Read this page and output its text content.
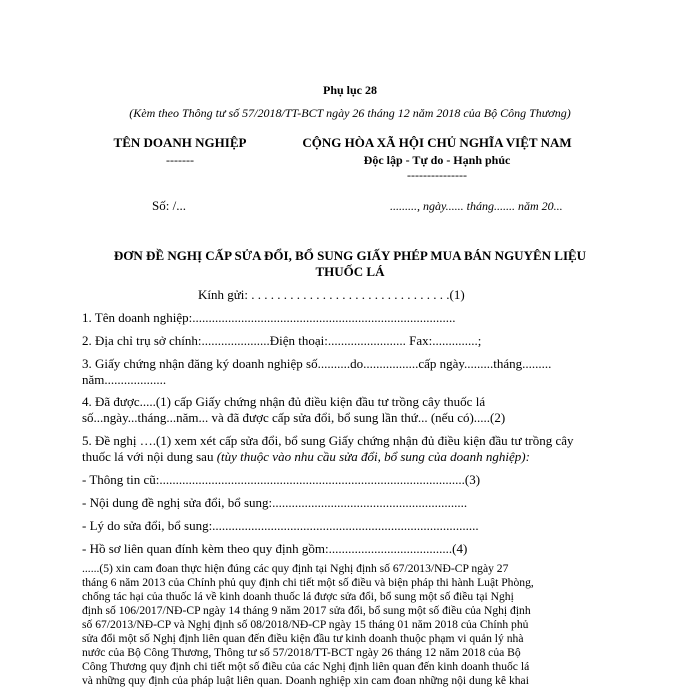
Phụ lục 28
(Kèm theo Thông tư số 57/2018/TT-BCT ngày 26 tháng 12 năm 2018 của Bộ Công Thương)
TÊN DOANH NGHIỆP
-------
CỘNG HÒA XÃ HỘI CHỦ NGHĨA VIỆT NAM
Độc lập - Tự do - Hạnh phúc
---------------
Số: /...	........., ngày...... tháng....... năm 20...
ĐƠN ĐỀ NGHỊ CẤP SỬA ĐỔI, BỔ SUNG GIẤY PHÉP MUA BÁN NGUYÊN LIỆU
THUỐC LÁ
Kính gửi: . . . . . . . . . . . . . . . . . . . . . . . . . . . . . . .(1)
1. Tên doanh nghiệp:.................................................................................
2. Địa chỉ trụ sở chính:.....................Điện thoại:........................ Fax:..............;
3. Giấy chứng nhận đăng ký doanh nghiệp số..........do.................cấp ngày.........tháng.........
năm...................
4. Đã được.....(1) cấp Giấy chứng nhận đủ điều kiện đầu tư trồng cây thuốc lá
số...ngày...tháng...năm... và đã được cấp sửa đổi, bổ sung lần thứ... (nếu có).....(2)
5. Đề nghị ….(1) xem xét cấp sửa đổi, bổ sung Giấy chứng nhận đủ điều kiện đầu tư trồng cây
thuốc lá với nội dung sau (tùy thuộc vào nhu cầu sửa đổi, bổ sung của doanh nghiệp):
- Thông tin cũ:..............................................................................................(3)
- Nội dung đề nghị sửa đổi, bổ sung:............................................................
- Lý do sửa đổi, bổ sung:..................................................................................
- Hồ sơ liên quan đính kèm theo quy định gồm:......................................(4)
......(5) xin cam đoan thực hiện đúng các quy định tại Nghị định số 67/2013/NĐ-CP ngày 27
tháng 6 năm 2013 của Chính phủ quy định chi tiết một số điều và biện pháp thi hành Luật Phòng,
chống tác hại của thuốc lá về kinh doanh thuốc lá được sửa đổi, bổ sung một số điều tại Nghị
định số 106/2017/NĐ-CP ngày 14 tháng 9 năm 2017 sửa đổi, bổ sung một số điều của Nghị định
số 67/2013/NĐ-CP và Nghị định số 08/2018/NĐ-CP ngày 15 tháng 01 năm 2018 của Chính phủ
sửa đổi một số Nghị định liên quan đến điều kiện đầu tư kinh doanh thuộc phạm vi quản lý nhà
nước của Bộ Công Thương, Thông tư số 57/2018/TT-BCT ngày 26 tháng 12 năm 2018 của Bộ
Công Thương quy định chi tiết một số điều của các Nghị định liên quan đến kinh doanh thuốc lá
và những quy định của pháp luật liên quan. Doanh nghiệp xin cam đoan những nội dung kê khai
